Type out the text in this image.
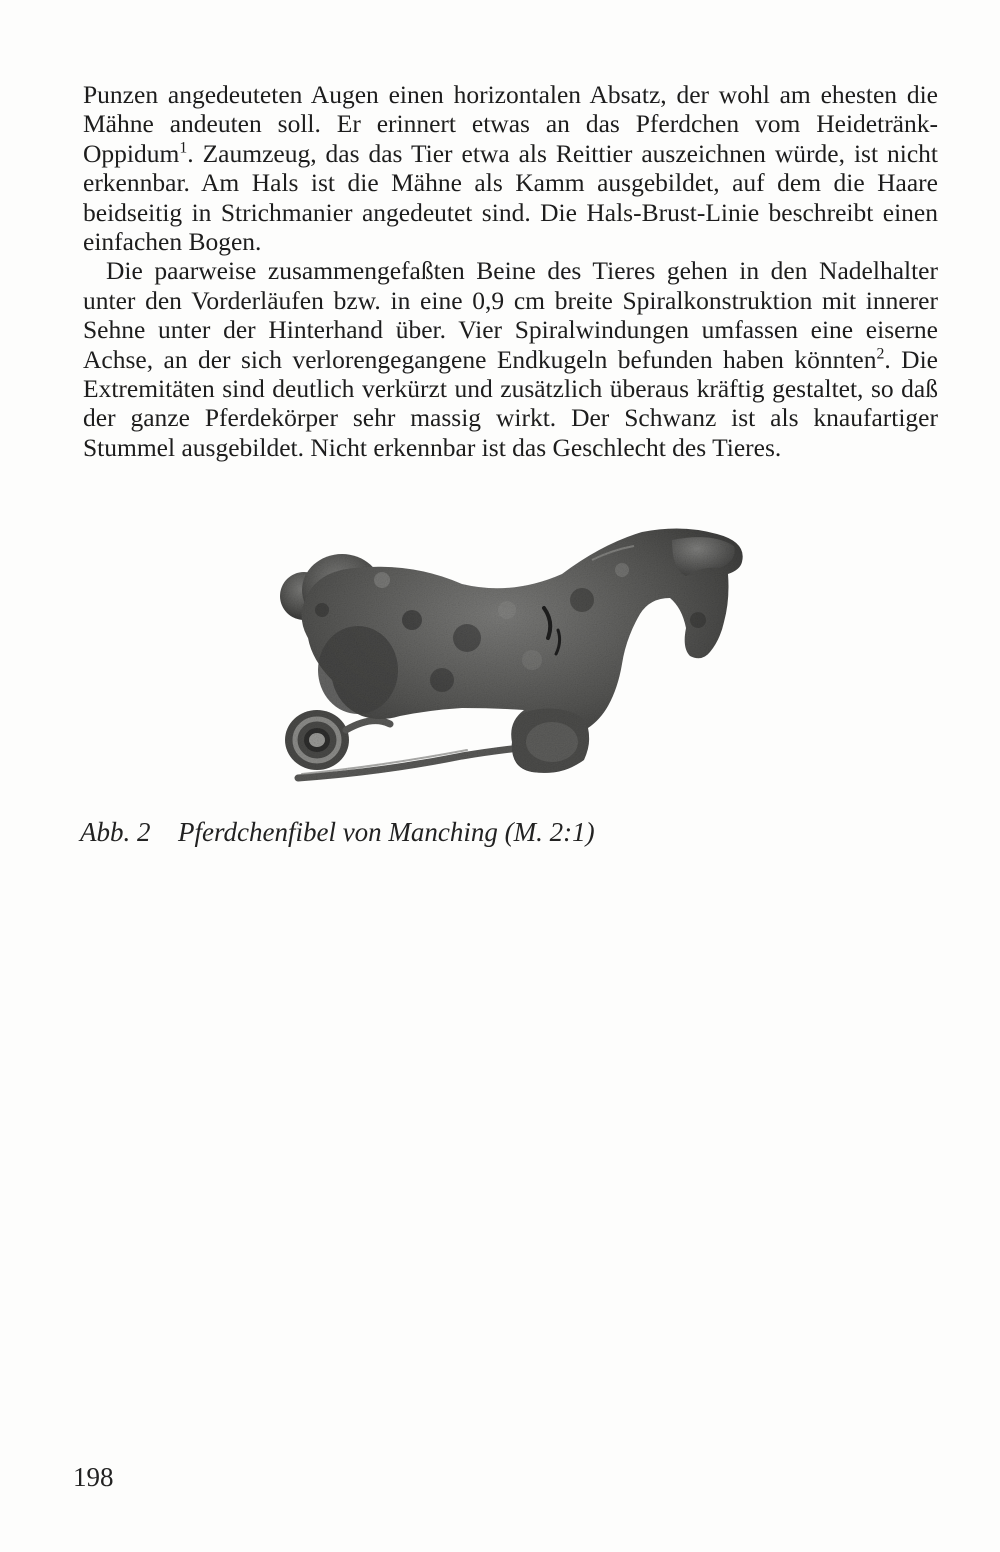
Punzen angedeuteten Augen einen horizontalen Absatz, der wohl am ehesten die Mähne andeuten soll. Er erinnert etwas an das Pferdchen vom Heidetränk-Oppidum$^1$. Zaumzeug, das das Tier etwa als Reittier auszeichnen würde, ist nicht erkennbar. Am Hals ist die Mähne als Kamm ausgebildet, auf dem die Haare beidseitig in Strichmanier angedeutet sind. Die Hals-Brust-Linie beschreibt einen einfachen Bogen.

Die paarweise zusammengefaßten Beine des Tieres gehen in den Nadelhalter unter den Vorderläufen bzw. in eine 0,9 cm breite Spiralkonstruktion mit innerer Sehne unter der Hinterhand über. Vier Spiralwindungen umfassen eine eiserne Achse, an der sich verlorengegangene Endkugeln befunden haben könnten$^2$. Die Extremitäten sind deutlich verkürzt und zusätzlich überaus kräftig gestaltet, so daß der ganze Pferdekörper sehr massig wirkt. Der Schwanz ist als knaufartiger Stummel ausgebildet. Nicht erkennbar ist das Geschlecht des Tieres.

Abb. 2 Pferdchenfibel von Manching (M. 2:1)
198
